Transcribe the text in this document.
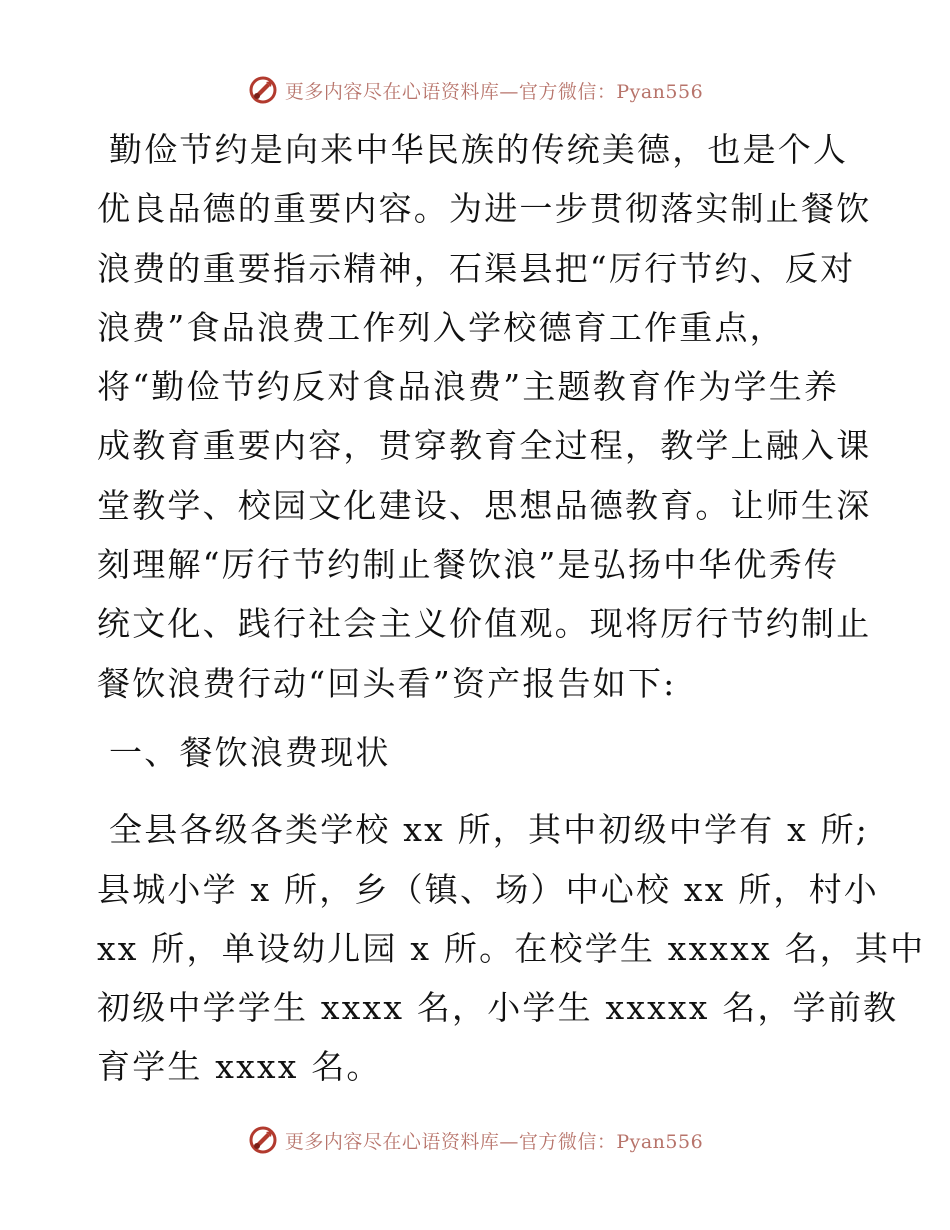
更多内容尽在心语资料库—官方微信：Pyan556
勤俭节约是向来中华民族的传统美德，也是个人
优良品德的重要内容。为进一步贯彻落实制止餐饮
浪费的重要指示精神，石渠县把“厉行节约、反对
浪费”食品浪费工作列入学校德育工作重点，
将“勤俭节约反对食品浪费”主题教育作为学生养
成教育重要内容，贯穿教育全过程，教学上融入课
堂教学、校园文化建设、思想品德教育。让师生深
刻理解“厉行节约制止餐饮浪”是弘扬中华优秀传
统文化、践行社会主义价值观。现将厉行节约制止
餐饮浪费行动“回头看”资产报告如下:
一、餐饮浪费现状
全县各级各类学校 xx 所，其中初级中学有 x 所;
县城小学 x 所，乡（镇、场）中心校 xx 所，村小
xx 所，单设幼儿园 x 所。在校学生 xxxxx 名，其中
初级中学学生 xxxx 名，小学生 xxxxx 名，学前教
育学生 xxxx 名。
更多内容尽在心语资料库—官方微信：Pyan556
